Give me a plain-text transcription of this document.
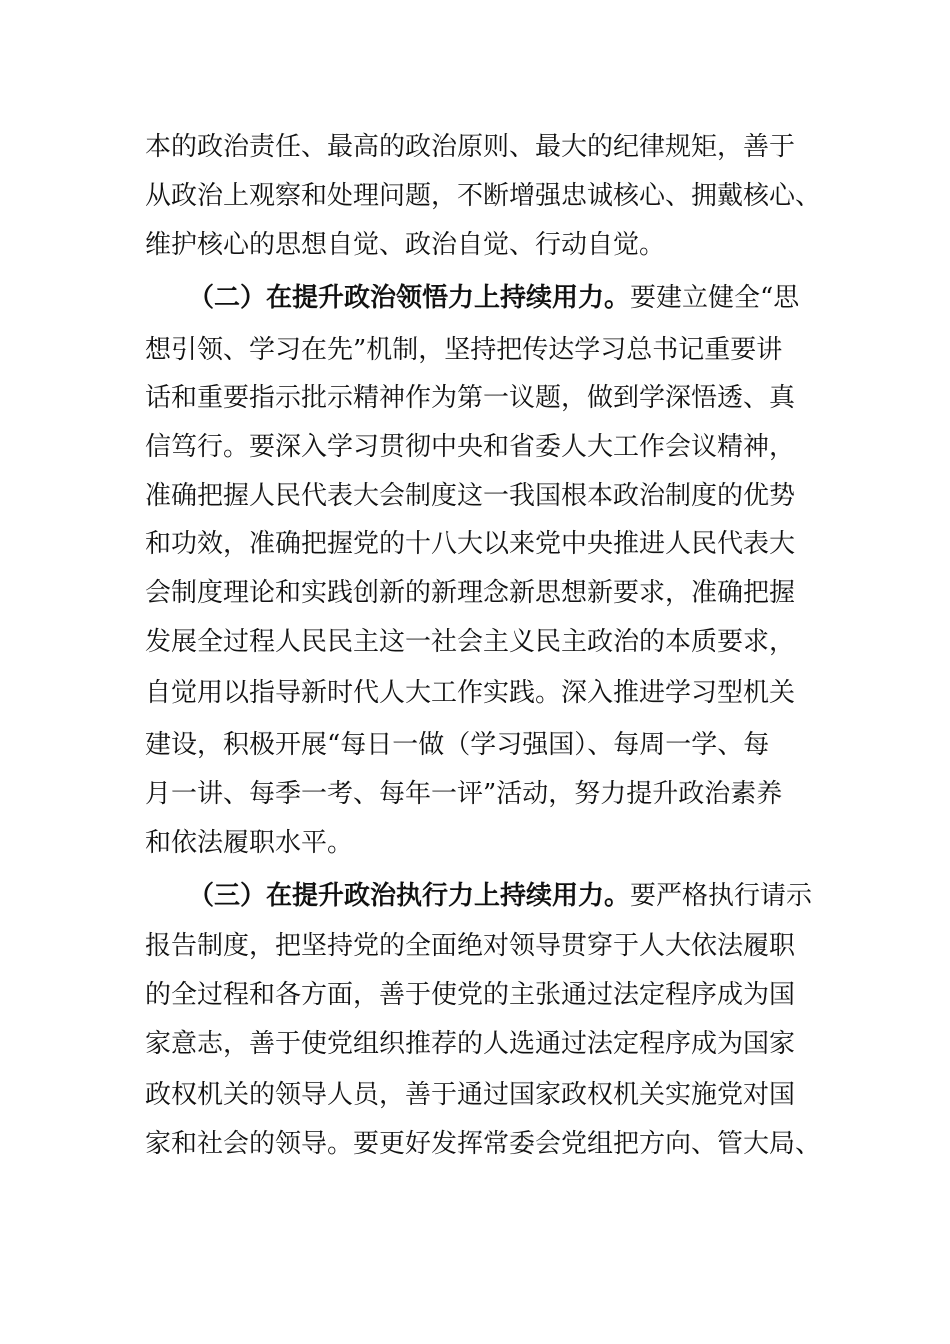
本的政治责任、最高的政治原则、最大的纪律规矩，善于
从政治上观察和处理问题，不断增强忠诚核心、拥戴核心、
维护核心的思想自觉、政治自觉、行动自觉。
（二）在提升政治领悟力上持续用力。要建立健全“思
想引领、学习在先”机制，坚持把传达学习总书记重要讲
话和重要指示批示精神作为第一议题，做到学深悟透、真
信笃行。要深入学习贯彻中央和省委人大工作会议精神，
准确把握人民代表大会制度这一我国根本政治制度的优势
和功效，准确把握党的十八大以来党中央推进人民代表大
会制度理论和实践创新的新理念新思想新要求，准确把握
发展全过程人民民主这一社会主义民主政治的本质要求，
自觉用以指导新时代人大工作实践。深入推进学习型机关
建设，积极开展“每日一做（学习强国）、每周一学、每
月一讲、每季一考、每年一评”活动，努力提升政治素养
和依法履职水平。
（三）在提升政治执行力上持续用力。要严格执行请示
报告制度，把坚持党的全面绝对领导贯穿于人大依法履职
的全过程和各方面，善于使党的主张通过法定程序成为国
家意志，善于使党组织推荐的人选通过法定程序成为国家
政权机关的领导人员，善于通过国家政权机关实施党对国
家和社会的领导。要更好发挥常委会党组把方向、管大局、
